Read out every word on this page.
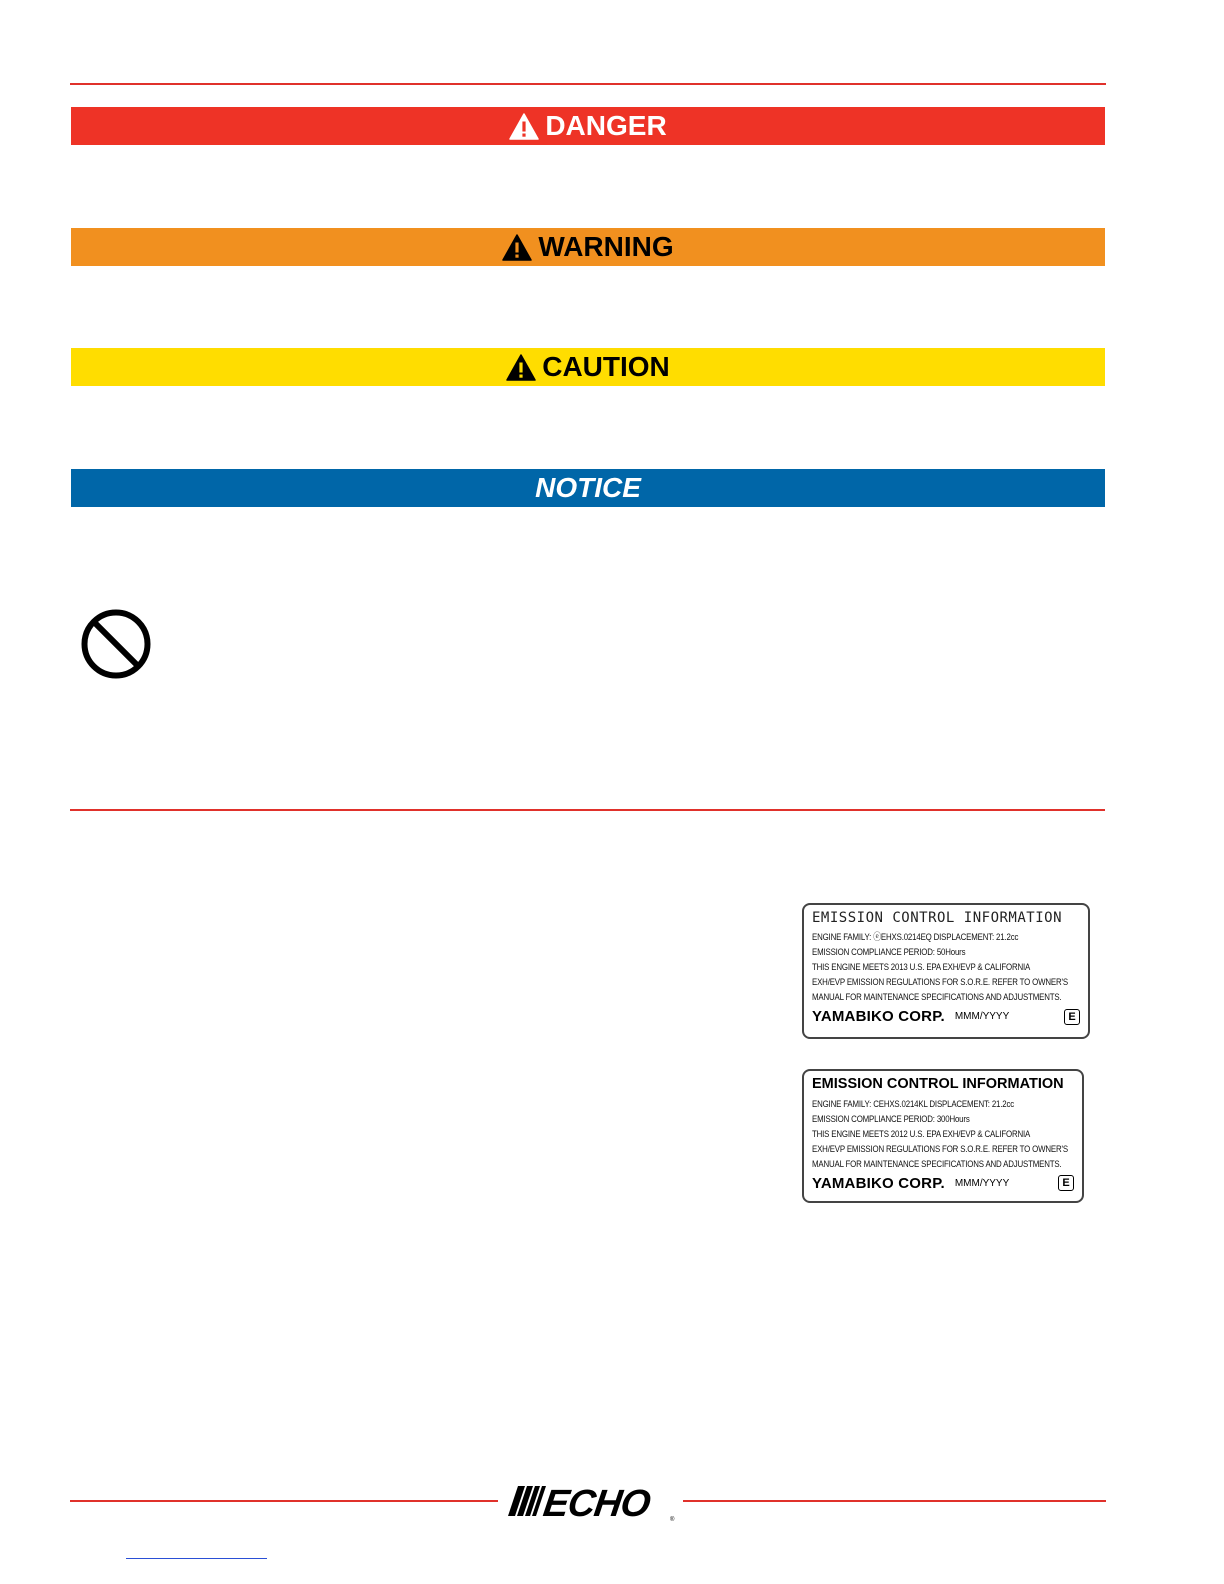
DANGER
WARNING
CAUTION
NOTICE
EMISSION CONTROL INFORMATION
ENGINE FAMILY: ⓔEHXS.0214EQ DISPLACEMENT: 21.2cc
EMISSION COMPLIANCE PERIOD: 50Hours
THIS ENGINE MEETS 2013 U.S. EPA EXH/EVP & CALIFORNIA
EXH/EVP EMISSION REGULATIONS FOR S.O.R.E. REFER TO OWNER'S
MANUAL FOR MAINTENANCE SPECIFICATIONS AND ADJUSTMENTS.
YAMABIKO CORP. MMM/YYYY	E
EMISSION CONTROL INFORMATION
ENGINE FAMILY: CEHXS.0214KL DISPLACEMENT: 21.2cc
EMISSION COMPLIANCE PERIOD: 300Hours
THIS ENGINE MEETS 2012 U.S. EPA EXH/EVP & CALIFORNIA
EXH/EVP EMISSION REGULATIONS FOR S.O.R.E. REFER TO OWNER'S
MANUAL FOR MAINTENANCE SPECIFICATIONS AND ADJUSTMENTS.
YAMABIKO CORP. MMM/YYYY	E
ECHO	®
